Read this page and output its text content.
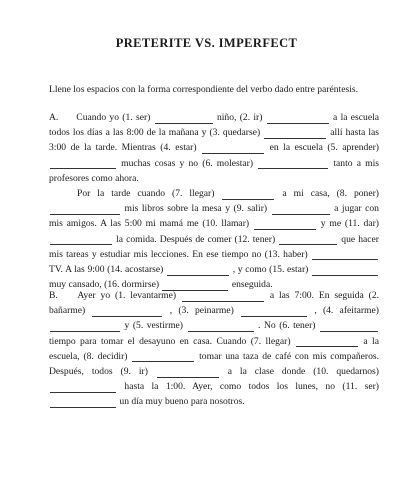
PRETERITE VS. IMPERFECT
Llene los espacios con la forma correspondiente del verbo dado entre paréntesis.

A. Cuando yo (1. ser)	niño, (2. ir)	a la escuela todos los días a las 8:00 de la mañana y (3. quedarse)	allí hasta las 3:00 de la tarde. Mientras (4. estar)	en la escuela (5. aprender)  muchas cosas y no (6. molestar)	tanto a mis profesores como ahora.

Por la tarde cuando (7. llegar)	a mi casa, (8. poner)  mis libros sobre la mesa y (9. salir)	a jugar con mis amigos. A las 5:00 mi mamá me (10. llamar)	y me (11. dar)  la comida. Después de comer (12. tener)	que hacer mis tareas y estudiar mis lecciones. En ese tiempo no (13. haber)  TV. A las 9:00 (14. acostarse)	, y como (15. estar)  muy cansado, (16. dormirse)	enseguida.

B. Ayer yo (1. levantarme)	a las 7:00. En seguida (2. bañarme)	, (3. peinarme)	, (4. afeitarme)  y (5. vestirme)	. No (6. tener)  tiempo para tomar el desayuno en casa. Cuando (7. llegar)	a la escuela, (8. decidir)	tomar una taza de café con mis compañeros. Después, todos (9. ir)	a la clase donde (10. quedarnos)  hasta la 1:00. Ayer, como todos los lunes, no (11. ser)  un día muy bueno para nosotros.
